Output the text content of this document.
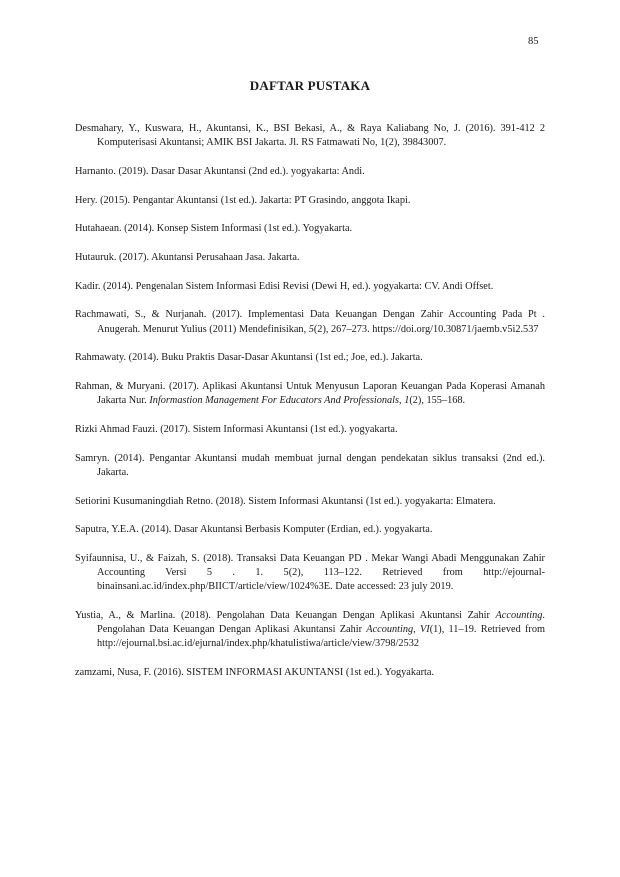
85
DAFTAR PUSTAKA

Desmahary, Y., Kuswara, H., Akuntansi, K., BSI Bekasi, A., & Raya Kaliabang No, J. (2016). 391-412 2 Komputerisasi Akuntansi; AMIK BSI Jakarta. Jl. RS Fatmawati No, 1(2), 39843007.

Harnanto. (2019). Dasar Dasar Akuntansi (2nd ed.). yogyakarta: Andi.

Hery. (2015). Pengantar Akuntansi (1st ed.). Jakarta: PT Grasindo, anggota Ikapi.

Hutahaean. (2014). Konsep Sistem Informasi (1st ed.). Yogyakarta.

Hutauruk. (2017). Akuntansi Perusahaan Jasa. Jakarta.

Kadir. (2014). Pengenalan Sistem Informasi Edisi Revisi (Dewi H, ed.). yogyakarta: CV. Andi Offset.

Rachmawati, S., & Nurjanah. (2017). Implementasi Data Keuangan Dengan Zahir Accounting Pada Pt . Anugerah. Menurut Yulius (2011) Mendefinisikan, 5(2), 267–273. https://doi.org/10.30871/jaemb.v5i2.537

Rahmawaty. (2014). Buku Praktis Dasar-Dasar Akuntansi (1st ed.; Joe, ed.). Jakarta.

Rahman, & Muryani. (2017). Aplikasi Akuntansi Untuk Menyusun Laporan Keuangan Pada Koperasi Amanah Jakarta Nur. Informastion Management For Educators And Professionals, 1(2), 155–168.

Rizki Ahmad Fauzi. (2017). Sistem Informasi Akuntansi (1st ed.). yogyakarta.

Samryn. (2014). Pengantar Akuntansi mudah membuat jurnal dengan pendekatan siklus transaksi (2nd ed.). Jakarta.

Setiorini Kusumaningdiah Retno. (2018). Sistem Informasi Akuntansi (1st ed.). yogyakarta: Elmatera.

Saputra, Y.E.A. (2014). Dasar Akuntansi Berbasis Komputer (Erdian, ed.). yogyakarta.

Syifaunnisa, U., & Faizah, S. (2018). Transaksi Data Keuangan PD . Mekar Wangi Abadi Menggunakan Zahir Accounting Versi 5 . 1. 5(2), 113–122. Retrieved from http://ejournal-binainsani.ac.id/index.php/BIICT/article/view/1024%3E. Date accessed: 23 july 2019.

Yustia, A., & Marlina. (2018). Pengolahan Data Keuangan Dengan Aplikasi Akuntansi Zahir Accounting. Pengolahan Data Keuangan Dengan Aplikasi Akuntansi Zahir Accounting, VI(1), 11–19. Retrieved from http://ejournal.bsi.ac.id/ejurnal/index.php/khatulistiwa/article/view/3798/2532

zamzami, Nusa, F. (2016). SISTEM INFORMASI AKUNTANSI (1st ed.). Yogyakarta.
